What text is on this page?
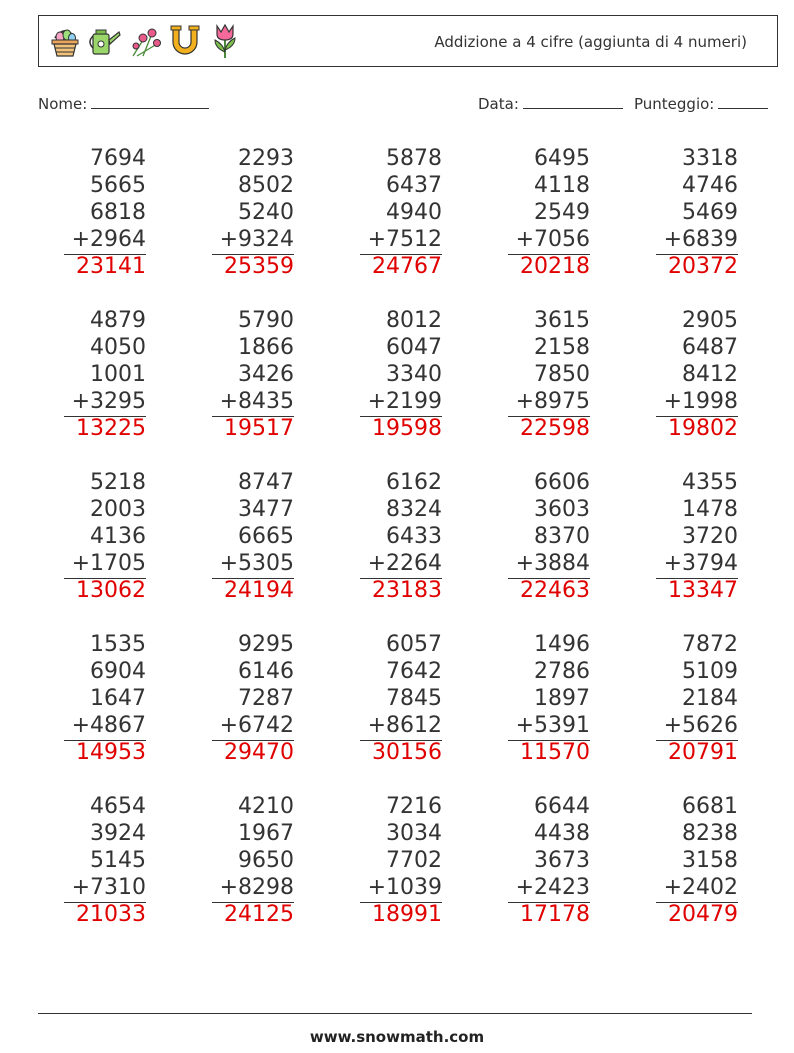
Addizione a 4 cifre (aggiunta di 4 numeri)
Nome:	Data:	Punteggio:
7694
5665
6818
+2964
23141
2293
8502
5240
+9324
25359
5878
6437
4940
+7512
24767
6495
4118
2549
+7056
20218
3318
4746
5469
+6839
20372
4879
4050
1001
+3295
13225
5790
1866
3426
+8435
19517
8012
6047
3340
+2199
19598
3615
2158
7850
+8975
22598
2905
6487
8412
+1998
19802
5218
2003
4136
+1705
13062
8747
3477
6665
+5305
24194
6162
8324
6433
+2264
23183
6606
3603
8370
+3884
22463
4355
1478
3720
+3794
13347
1535
6904
1647
+4867
14953
9295
6146
7287
+6742
29470
6057
7642
7845
+8612
30156
1496
2786
1897
+5391
11570
7872
5109
2184
+5626
20791
4654
3924
5145
+7310
21033
4210
1967
9650
+8298
24125
7216
3034
7702
+1039
18991
6644
4438
3673
+2423
17178
6681
8238
3158
+2402
20479
www.snowmath.com
